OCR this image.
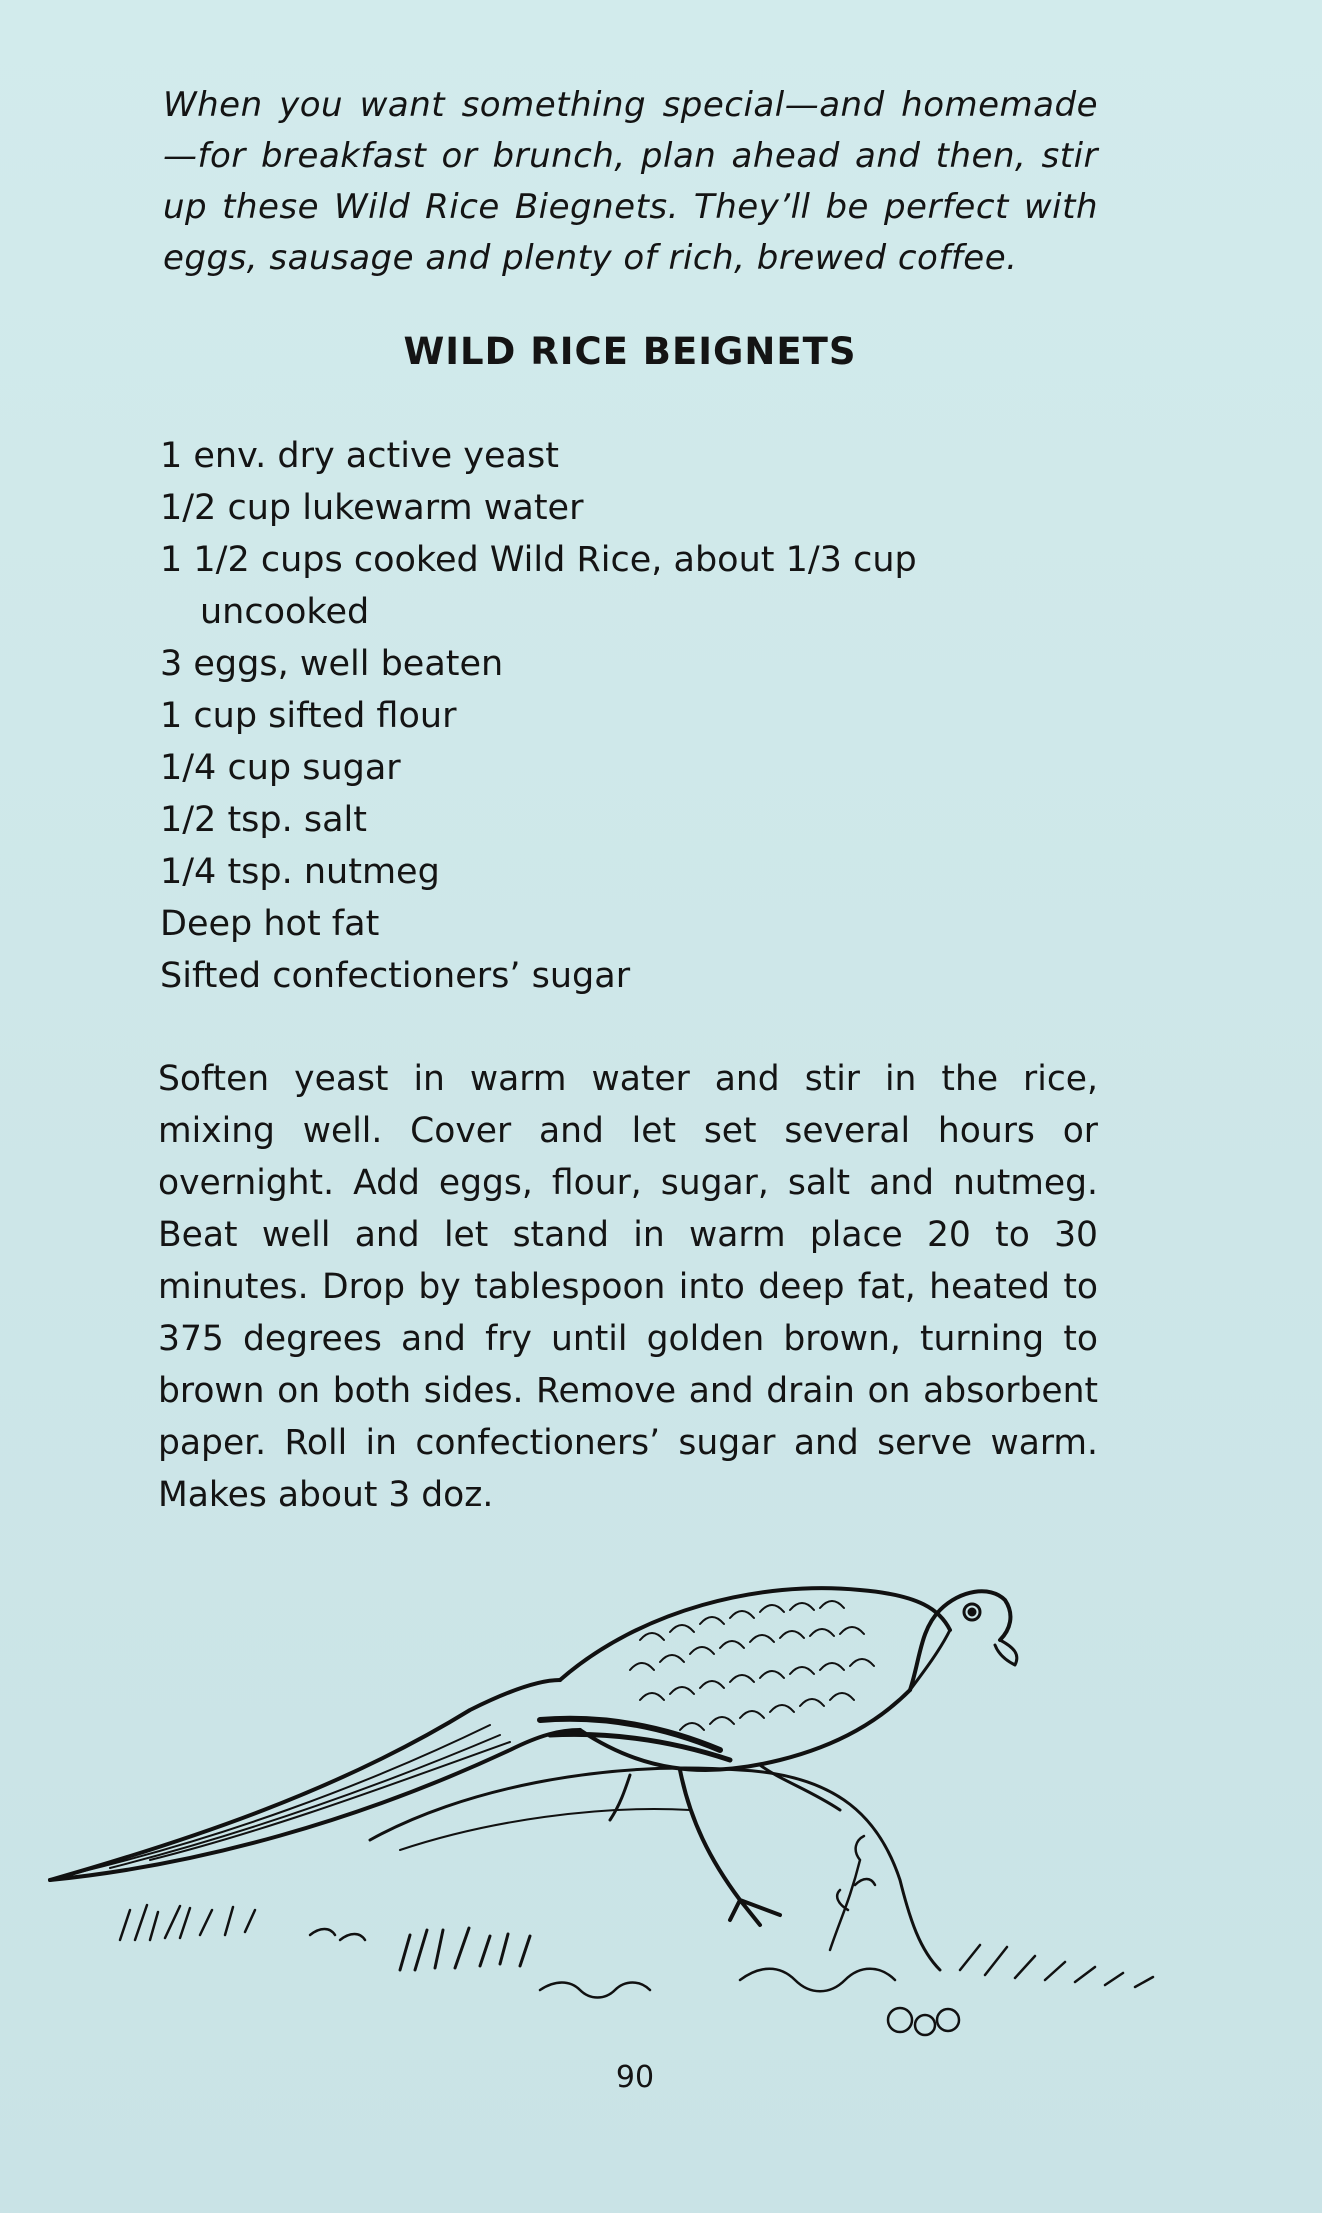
When you want something special—and homemade—for breakfast or brunch, plan ahead and then, stir up these Wild Rice Biegnets. They’ll be perfect with eggs, sausage and plenty of rich, brewed coffee.

WILD RICE BEIGNETS
1 env. dry active yeast
1/2 cup lukewarm water
1 1/2 cups cooked Wild Rice, about 1/3 cup
uncooked
3 eggs, well beaten
1 cup sifted flour
1/4 cup sugar
1/2 tsp. salt
1/4 tsp. nutmeg
Deep hot fat
Sifted confectioners’ sugar

Soften yeast in warm water and stir in the rice, mixing well. Cover and let set several hours or overnight. Add eggs, flour, sugar, salt and nutmeg. Beat well and let stand in warm place 20 to 30 minutes. Drop by tablespoon into deep fat, heated to 375 degrees and fry until golden brown, turning to brown on both sides. Remove and drain on absorbent paper. Roll in confectioners’ sugar and serve warm. Makes about 3 doz.

90
